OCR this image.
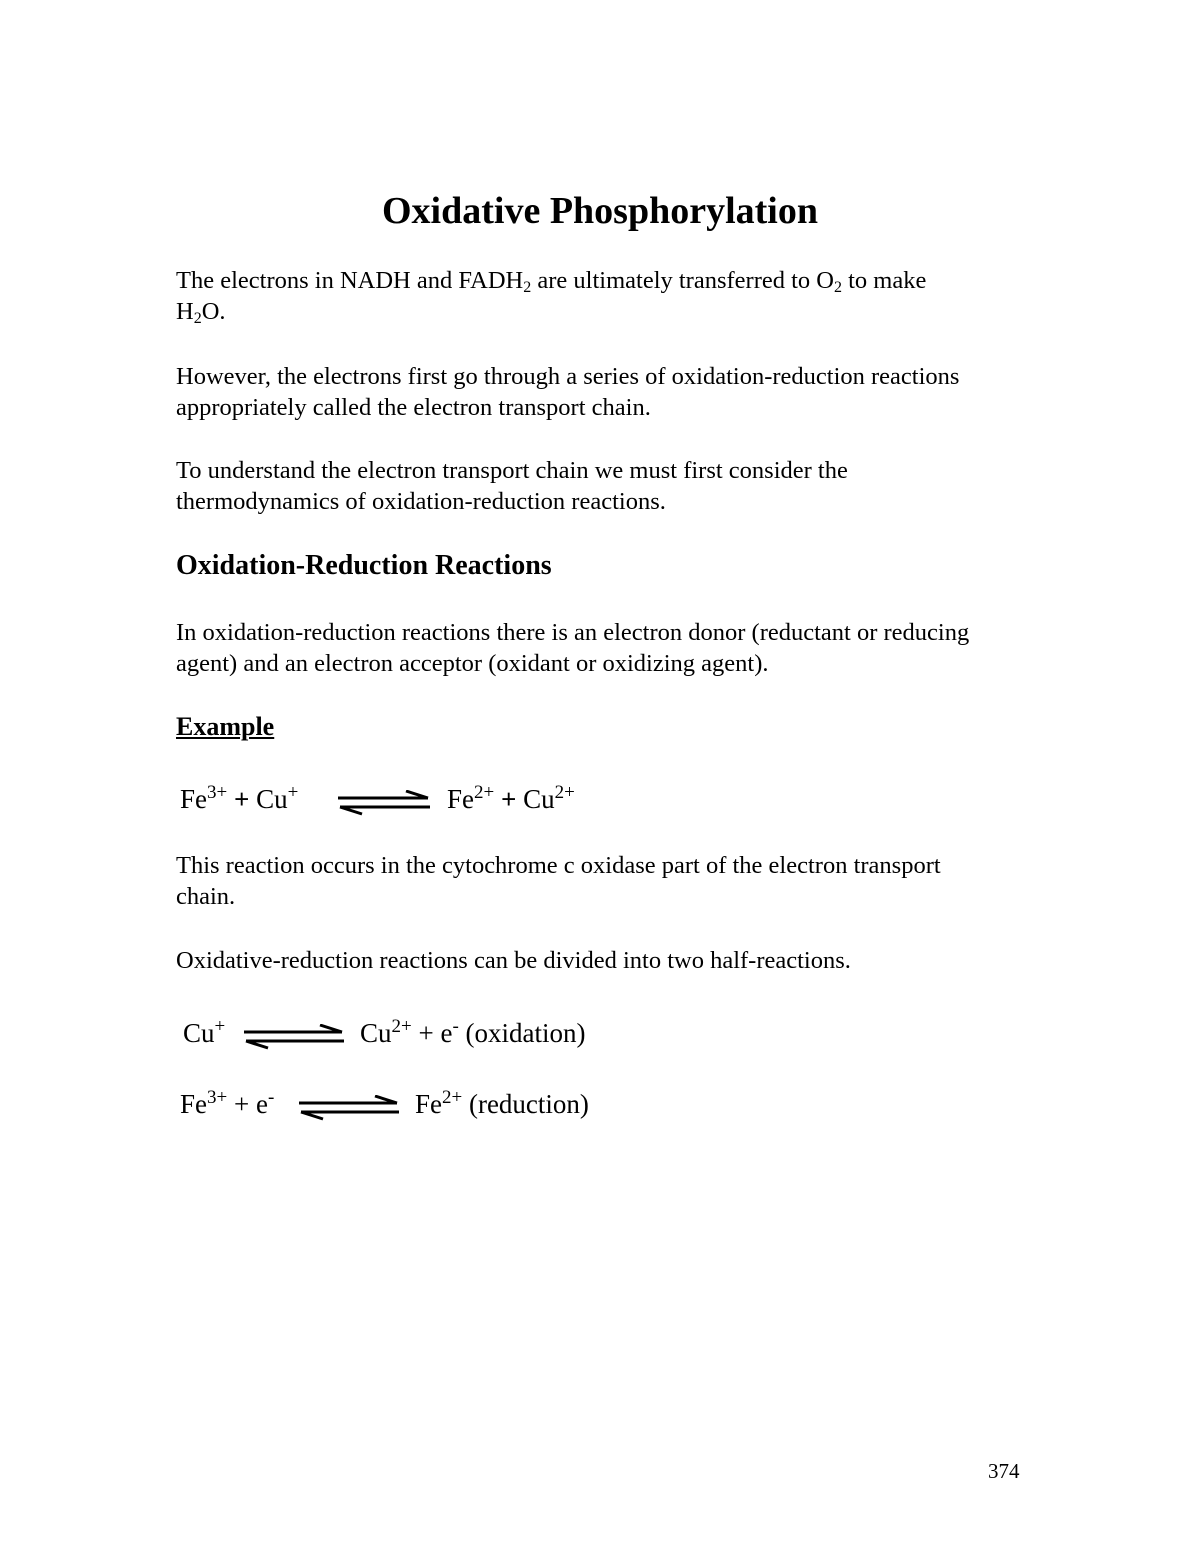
Oxidative Phosphorylation

The electrons in NADH and $FADH_2$ are ultimately transferred to $O_2$ to make
$H_2O$.

However, the electrons first go through a series of oxidation-reduction reactions appropriately called the electron transport chain.

To understand the electron transport chain we must first consider the thermodynamics of oxidation-reduction reactions.

Oxidation-Reduction Reactions

In oxidation-reduction reactions there is an electron donor (reductant or reducing agent) and an electron acceptor (oxidant or oxidizing agent).

Example
$Fe^{3+} + Cu^+$	$Fe^{2+} + Cu^{2+}$

This reaction occurs in the cytochrome c oxidase part of the electron transport chain.

Oxidative-reduction reactions can be divided into two half-reactions.

Cu+	$Cu^{2+} + e^-$ (oxidation)
$Fe^{3+} + e^-$	$Fe^{2+}$ (reduction)
374
